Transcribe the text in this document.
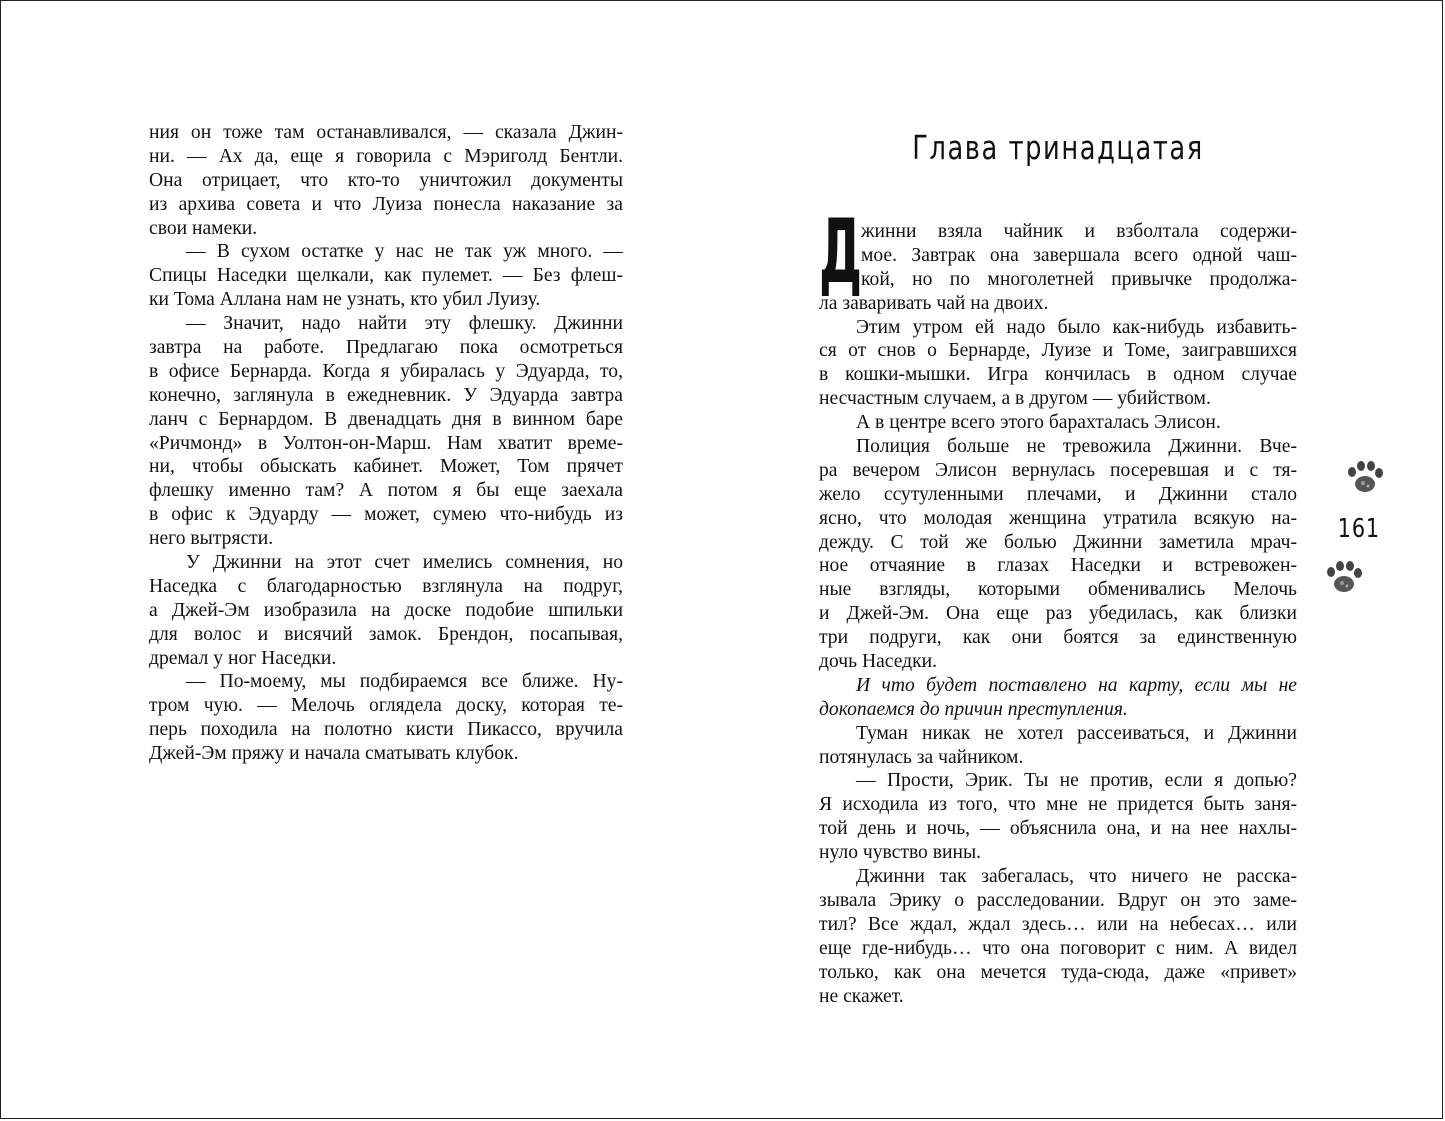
ния он тоже там останавливался, — сказала Джин-
ни. — Ах да, еще я говорила с Мэриголд Бентли.
Она отрицает, что кто-то уничтожил документы
из архива совета и что Луиза понесла наказание за
свои намеки.
— В сухом остатке у нас не так уж много. —
Спицы Наседки щелкали, как пулемет. — Без флеш-
ки Тома Аллана нам не узнать, кто убил Луизу.
— Значит, надо найти эту флешку. Джинни
завтра на работе. Предлагаю пока осмотреться
в офисе Бернарда. Когда я убиралась у Эдуарда, то,
конечно, заглянула в ежедневник. У Эдуарда завтра
ланч с Бернардом. В двенадцать дня в винном баре
«Ричмонд» в Уолтон-он-Марш. Нам хватит време-
ни, чтобы обыскать кабинет. Может, Том прячет
флешку именно там? А потом я бы еще заехала
в офис к Эдуарду — может, сумею что-нибудь из
него вытрясти.
У Джинни на этот счет имелись сомнения, но
Наседка с благодарностью взглянула на подруг,
а Джей-Эм изобразила на доске подобие шпильки
для волос и висячий замок. Брендон, посапывая,
дремал у ног Наседки.
— По-моему, мы подбираемся все ближе. Ну-
тром чую. — Мелочь оглядела доску, которая те-
перь походила на полотно кисти Пикассо, вручила
Джей-Эм пряжу и начала сматывать клубок.
Глава тринадцатая
Д
жинни взяла чайник и взболтала содержи-
мое. Завтрак она завершала всего одной чаш-
кой, но по многолетней привычке продолжа-
ла заваривать чай на двоих.
Этим утром ей надо было как-нибудь избавить-
ся от снов о Бернарде, Луизе и Томе, заигравшихся
в кошки-мышки. Игра кончилась в одном случае
несчастным случаем, а в другом — убийством.
А в центре всего этого барахталась Элисон.
Полиция больше не тревожила Джинни. Вче-
ра вечером Элисон вернулась посеревшая и с тя-
жело ссутуленными плечами, и Джинни стало
ясно, что молодая женщина утратила всякую на-
дежду. С той же болью Джинни заметила мрач-
ное отчаяние в глазах Наседки и встревожен-
ные взгляды, которыми обменивались Мелочь
и Джей-Эм. Она еще раз убедилась, как близки
три подруги, как они боятся за единственную
дочь Наседки.
И что будет поставлено на карту, если мы не
докопаемся до причин преступления.
Туман никак не хотел рассеиваться, и Джинни
потянулась за чайником.
— Прости, Эрик. Ты не против, если я допью?
Я исходила из того, что мне не придется быть заня-
той день и ночь, — объяснила она, и на нее нахлы-
нуло чувство вины.
Джинни так забегалась, что ничего не расска-
зывала Эрику о расследовании. Вдруг он это заме-
тил? Все ждал, ждал здесь… или на небесах… или
еще где-нибудь… что она поговорит с ним. А видел
только, как она мечется туда-сюда, даже «привет»
не скажет.
161
